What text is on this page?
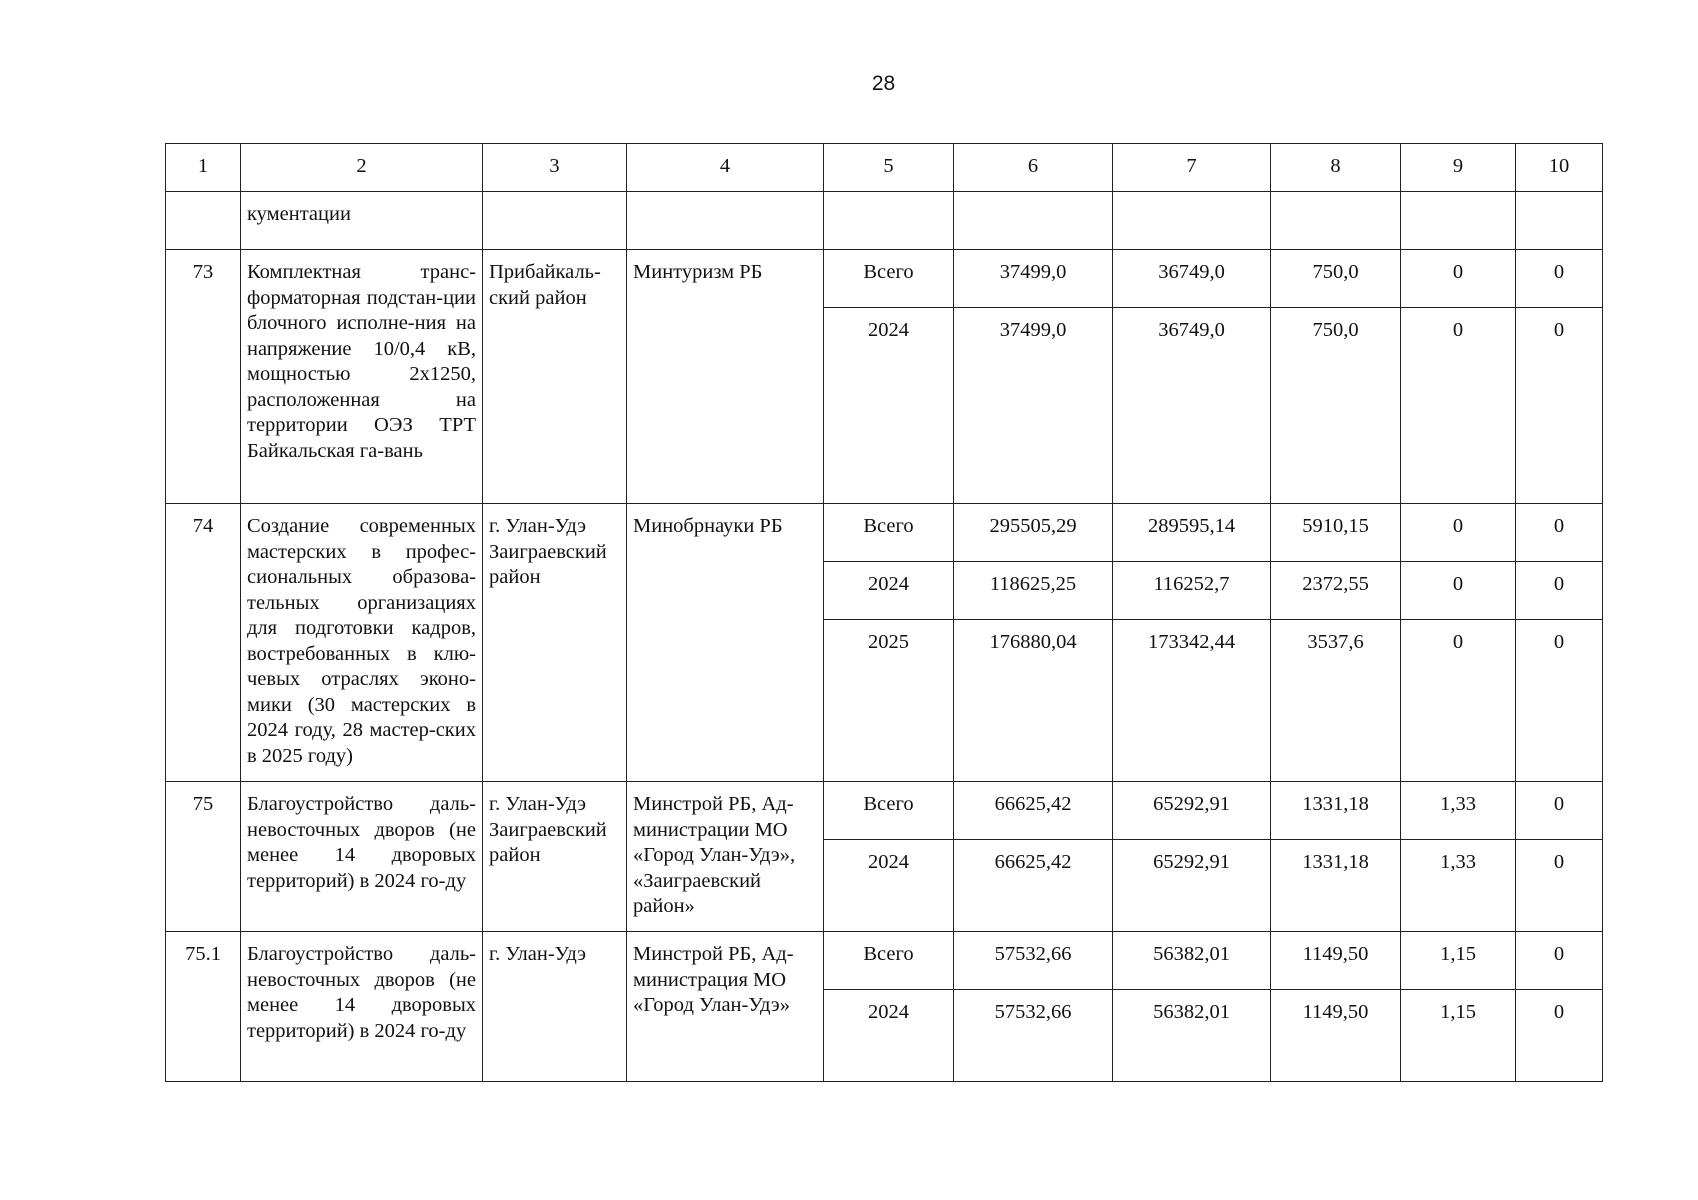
28
1	2	3	4	5	6	7	8	9	10
	кументации								
73	Комплектная транс-форматорная подстан-ции блочного исполне-ния на напряжение 10/0,4 кВ, мощностью 2х1250, расположенная на территории ОЭЗ ТРТ Байкальская га-вань	Прибайкаль-ский район	Минтуризм РБ	Всего	37499,0	36749,0	750,0	0	0
				2024	37499,0	36749,0	750,0	0	0
74	Создание современных мастерских в профес-сиональных образова-тельных организациях для подготовки кадров, востребованных в клю-чевых отраслях эконо-мики (30 мастерских в 2024 году, 28 мастер-ских в 2025 году)	г. Улан-Удэ Заиграевский район	Минобрнауки РБ	Всего	295505,29	289595,14	5910,15	0	0
				2024	118625,25	116252,7	2372,55	0	0
				2025	176880,04	173342,44	3537,6	0	0
75	Благоустройство даль-невосточных дворов (не менее 14 дворовых территорий) в 2024 го-ду	г. Улан-Удэ Заиграевский район	Минстрой РБ, Ад-министрации МО «Город Улан-Удэ», «Заиграевский район»	Всего	66625,42	65292,91	1331,18	1,33	0
				2024	66625,42	65292,91	1331,18	1,33	0
75.1	Благоустройство даль-невосточных дворов (не менее 14 дворовых территорий) в 2024 го-ду	г. Улан-Удэ	Минстрой РБ, Ад-министрация МО «Город Улан-Удэ»	Всего	57532,66	56382,01	1149,50	1,15	0
				2024	57532,66	56382,01	1149,50	1,15	0
